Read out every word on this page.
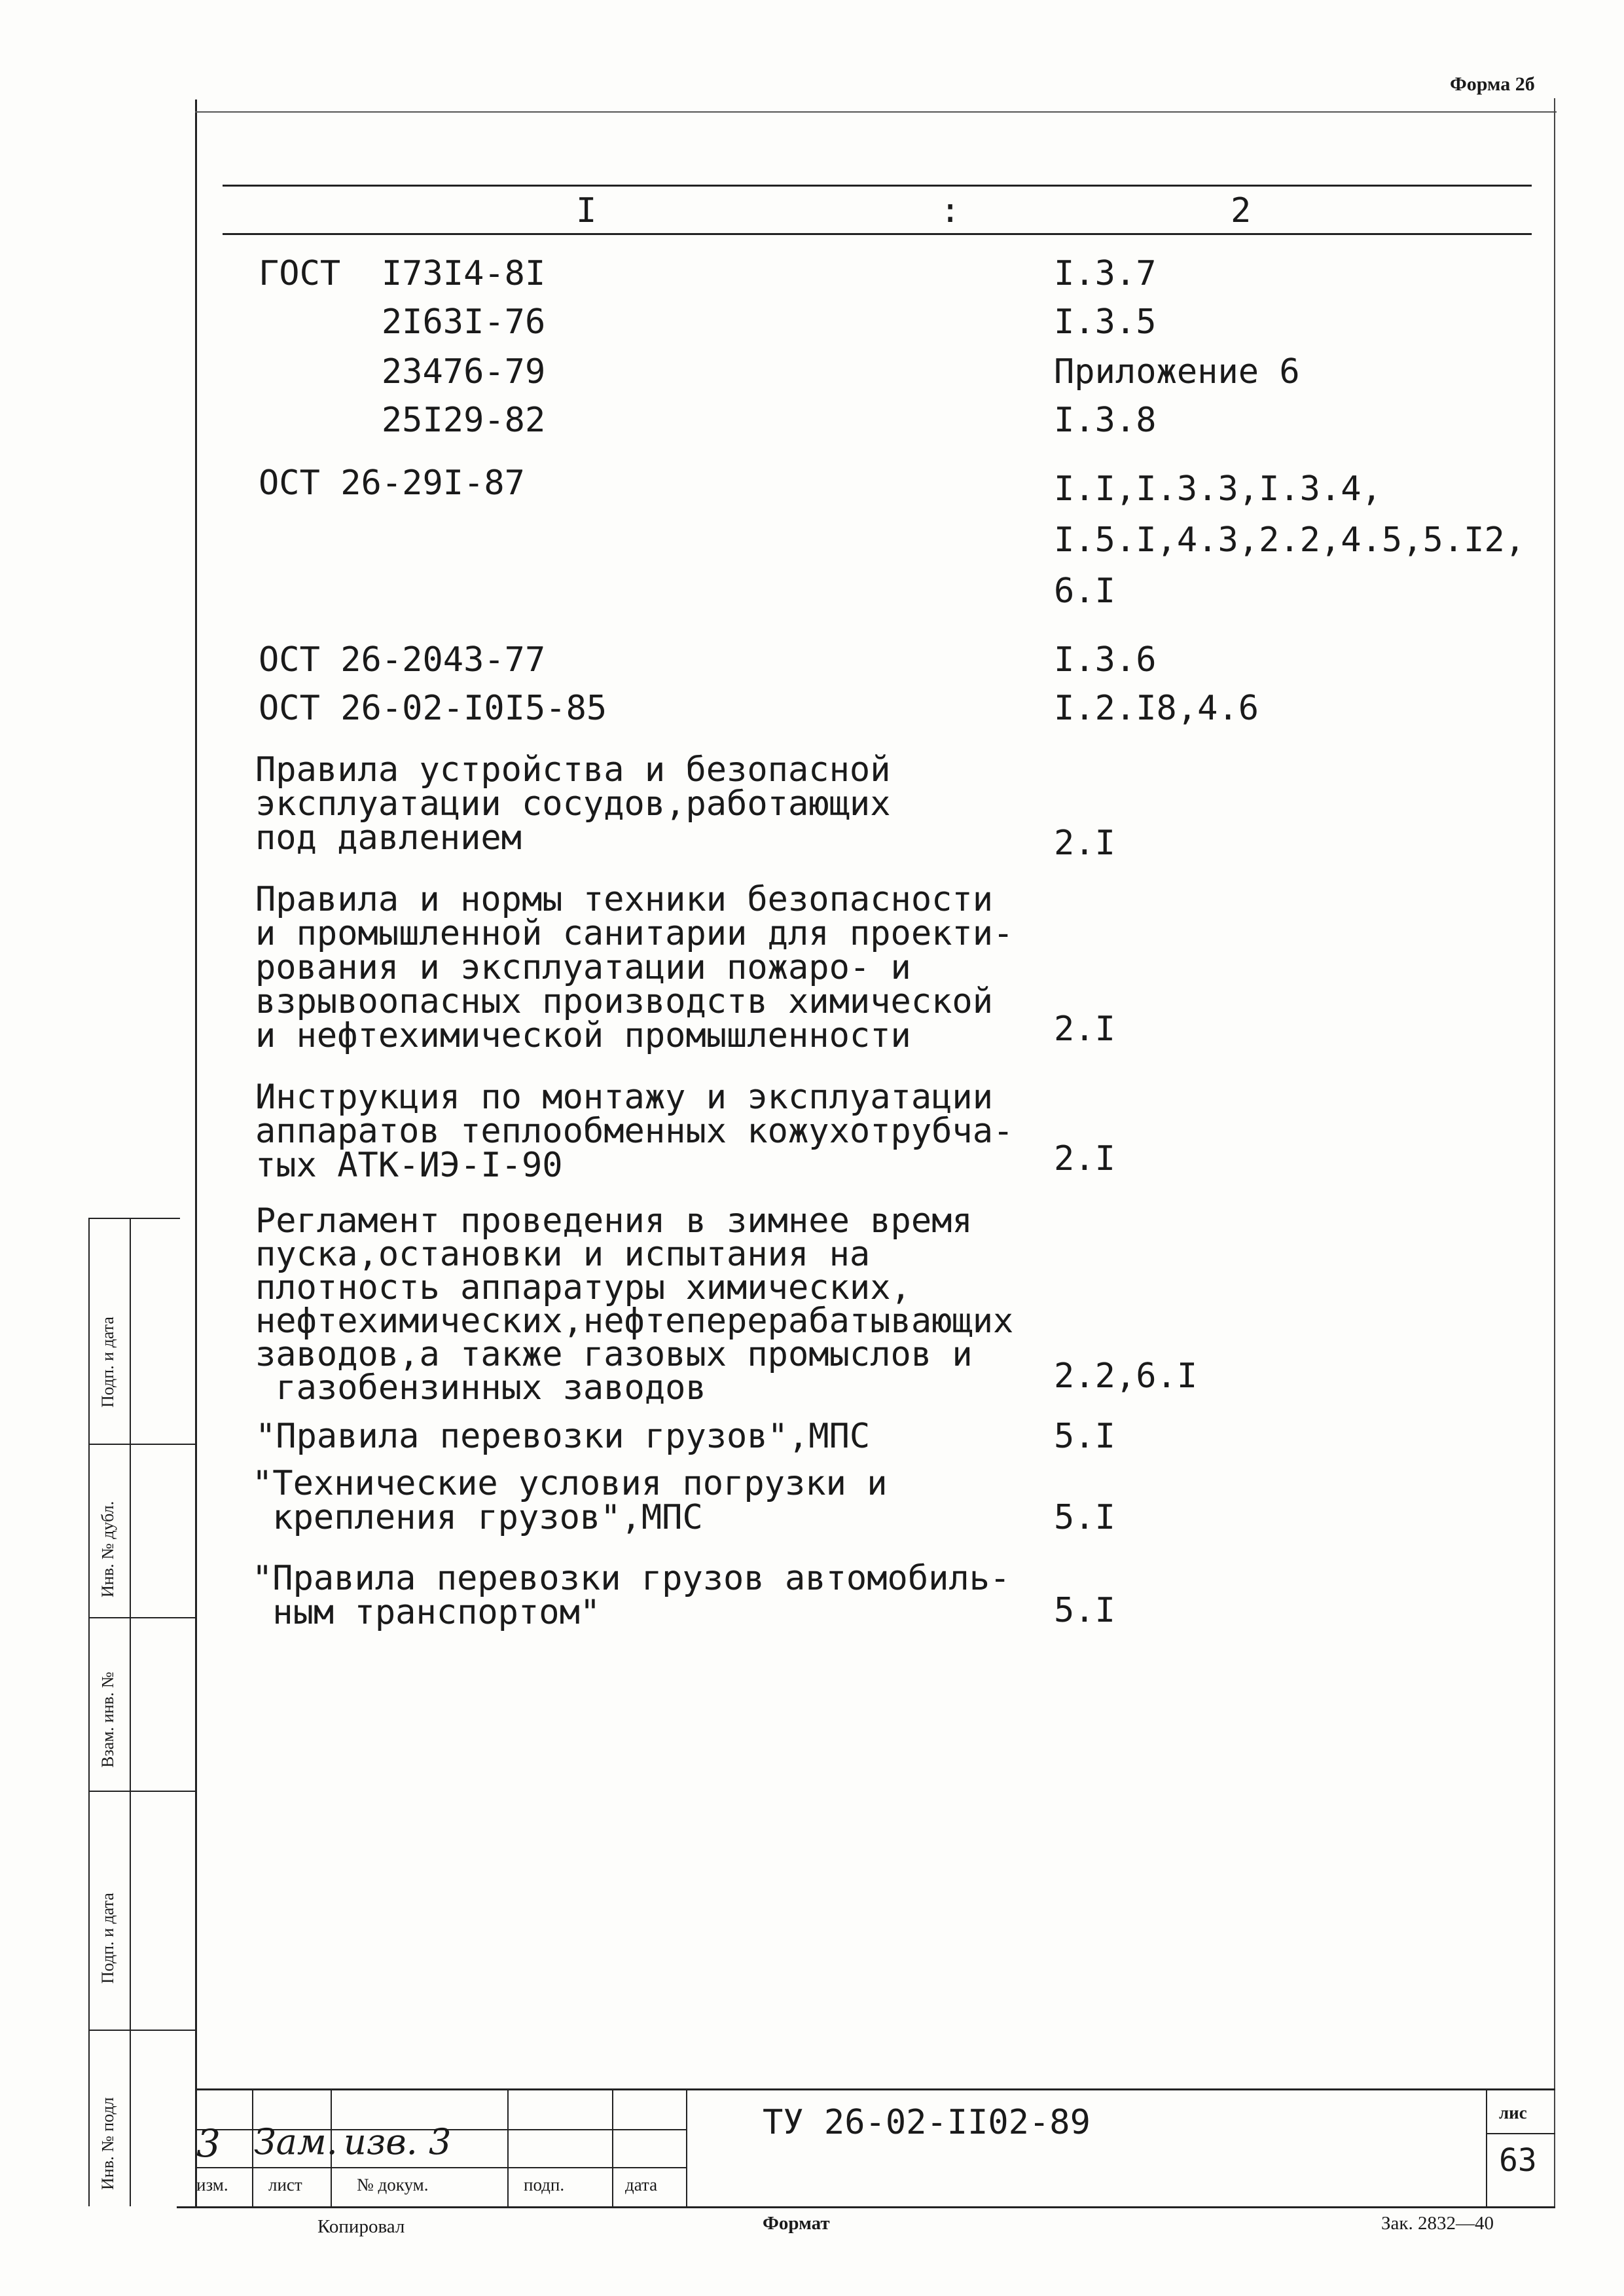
Форма 2б
I	:	2
ГОСТ  I73I4-8I	I.3.7
2I63I-76	I.3.5
23476-79	Приложение 6
25I29-82	I.3.8
ОСТ 26-29I-87	I.I,I.3.3,I.3.4,
I.5.I,4.3,2.2,4.5,5.I2,
6.I
ОСТ 26-2043-77	I.3.6
ОСТ 26-02-I0I5-85	I.2.I8,4.6
Правила устройства и безопасной
эксплуатации сосудов,работающих
под давлением	2.I
Правила и нормы техники безопасности
и промышленной санитарии для проекти-
рования и эксплуатации пожаро- и
взрывоопасных производств химической
и нефтехимической промышленности	2.I
Инструкция по монтажу и эксплуатации
аппаратов теплообменных кожухотрубча-
тых АТК-ИЭ-I-90	2.I
Регламент проведения в зимнее время
пуска,остановки и испытания на
плотность аппаратуры химических,
нефтехимических,нефтеперерабатывающих
заводов,а также газовых промыслов и
газобензинных заводов	2.2,6.I
"Правила перевозки грузов",МПС	5.I
"Технические условия погрузки и
крепления грузов",МПС	5.I
"Правила перевозки грузов автомобиль-
ным транспортом"	5.I
Подп. и дата
Инв. № дубл.
Взам. инв. №
Подп. и дата
Инв. № подл 3 Зам. изв. 3
изм. лист	№ докум.	подп.	дата
ТУ 26-02-II02-89	лис
63
Копировал	Формат	Зак. 2832—40
